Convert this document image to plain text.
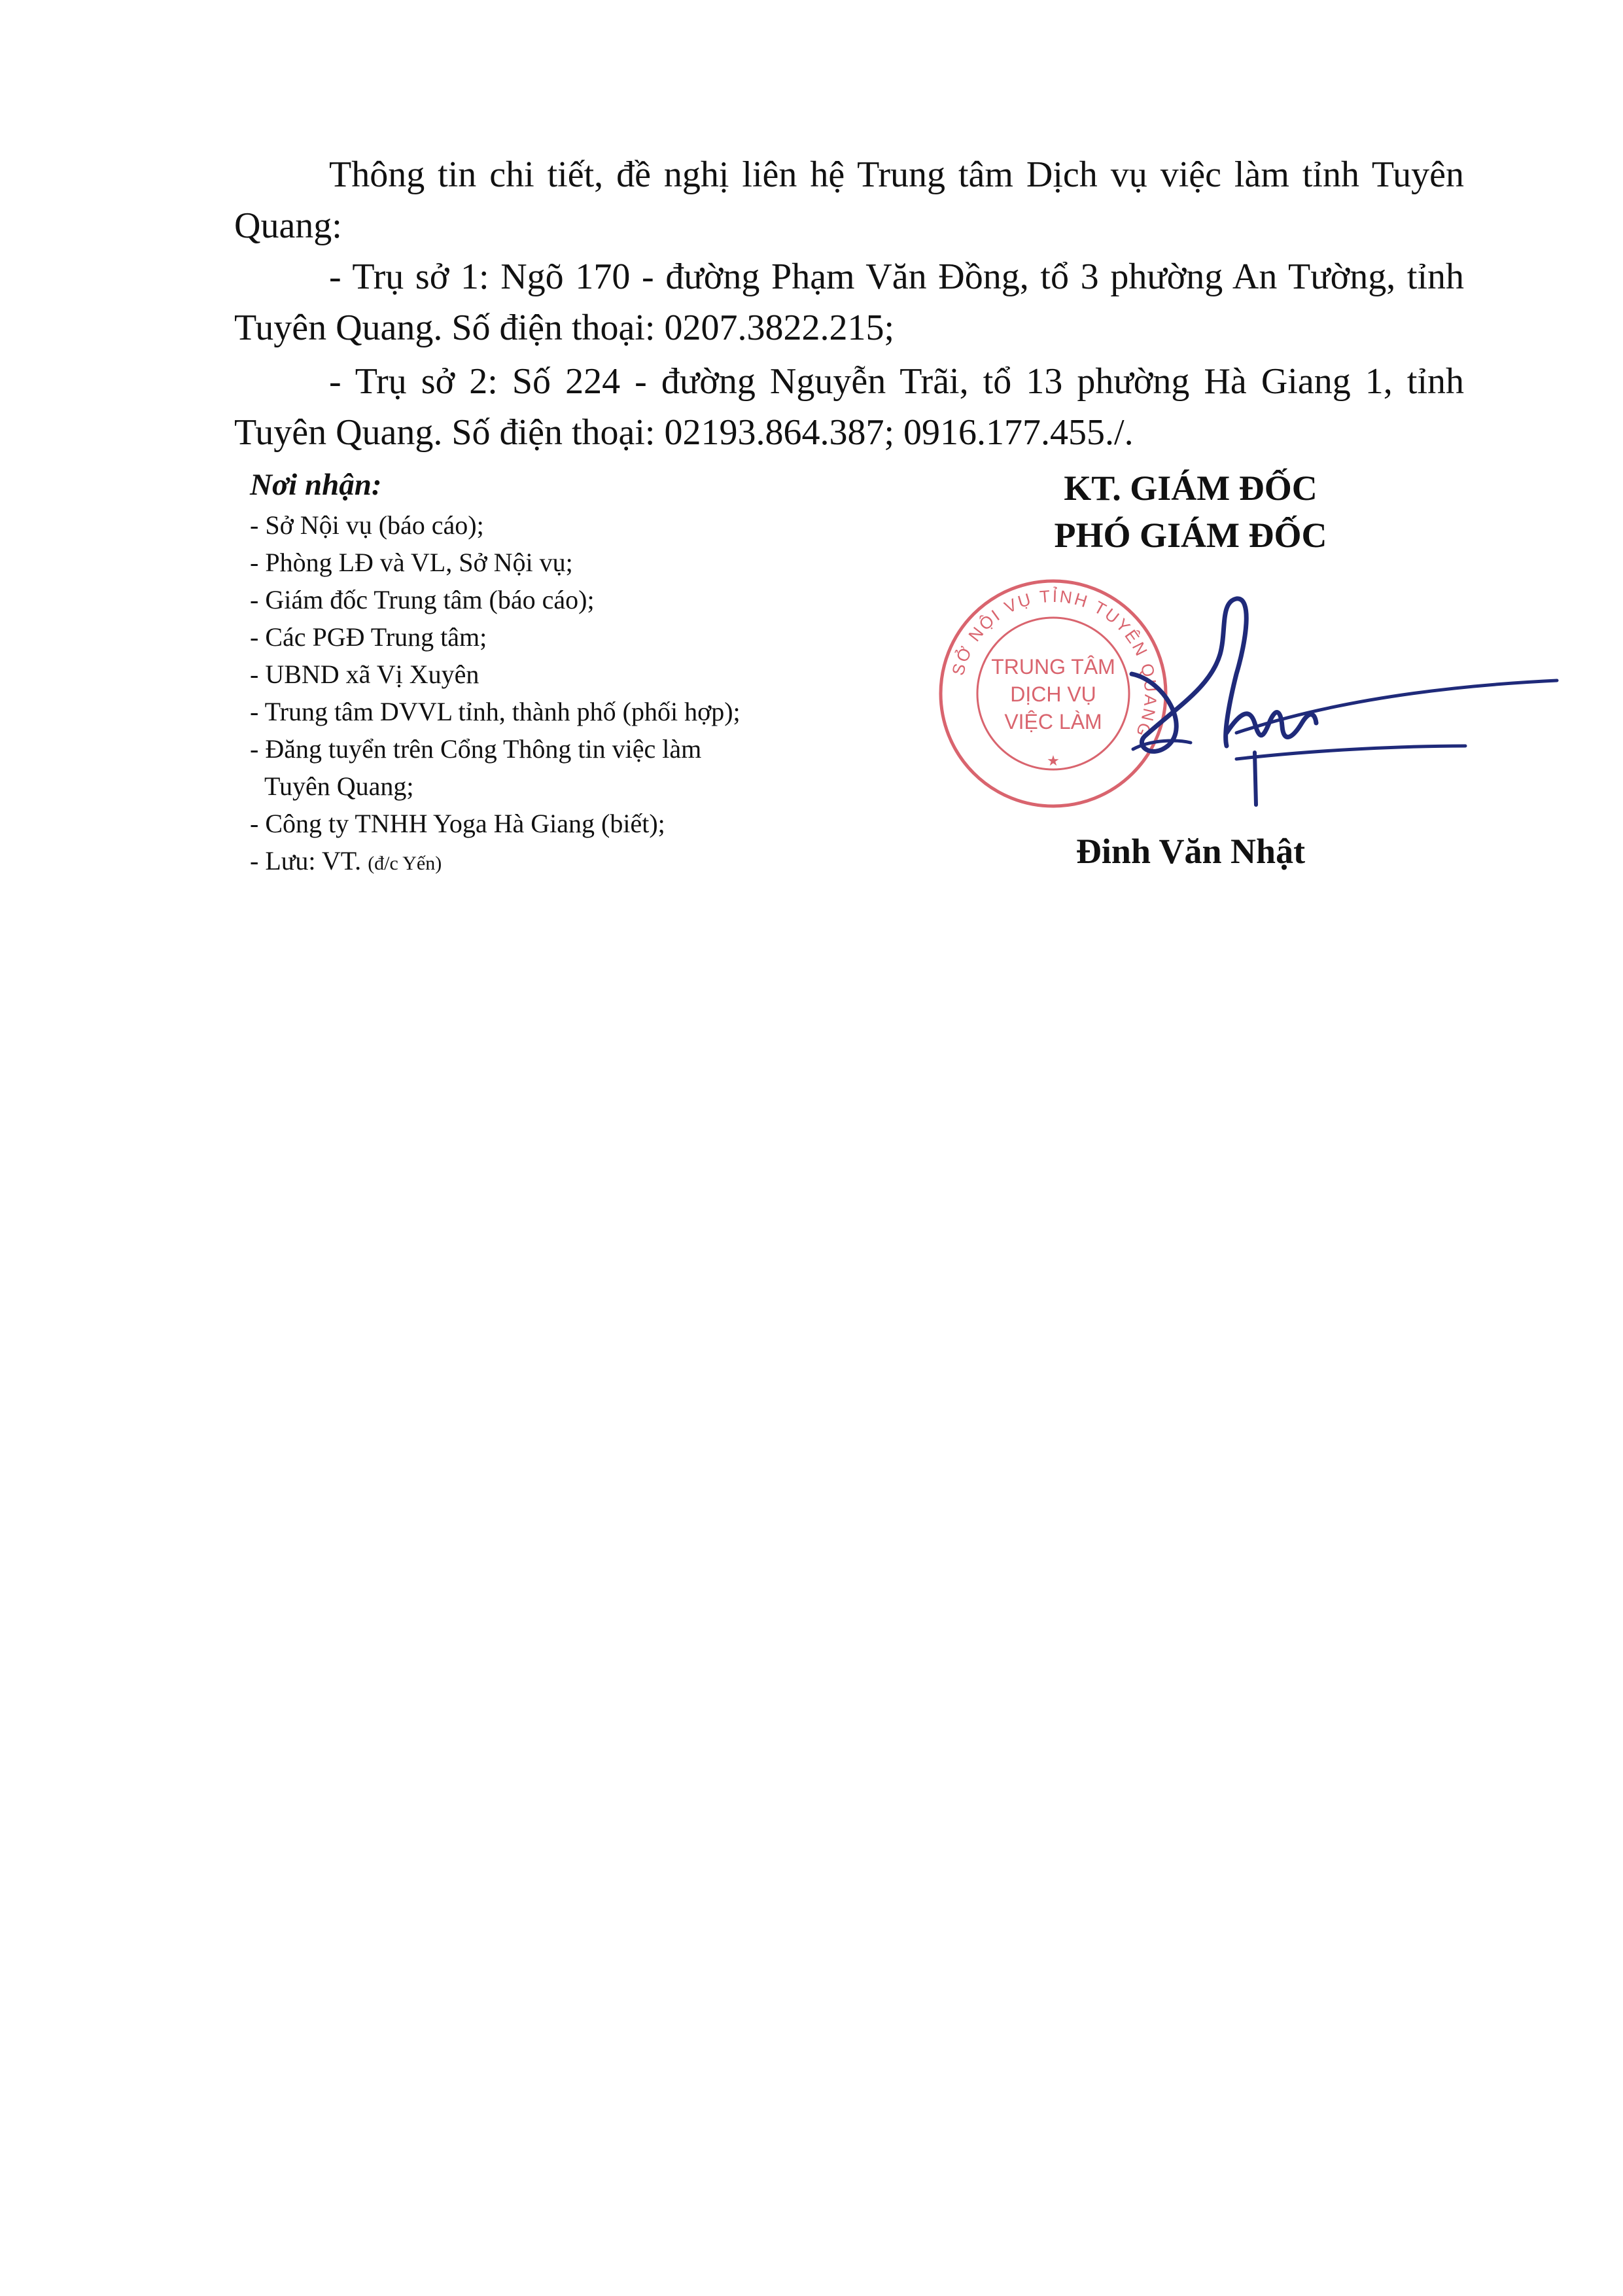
Thông tin chi tiết, đề nghị liên hệ Trung tâm Dịch vụ việc làm tỉnh Tuyên Quang:

- Trụ sở 1: Ngõ 170 - đường Phạm Văn Đồng, tổ 3 phường An Tường, tỉnh Tuyên Quang. Số điện thoại: 0207.3822.215;

- Trụ sở 2: Số 224 - đường Nguyễn Trãi, tổ 13 phường Hà Giang 1, tỉnh Tuyên Quang. Số điện thoại: 02193.864.387; 0916.177.455./.

Nơi nhận:

- Sở Nội vụ (báo cáo);
- Phòng LĐ và VL, Sở Nội vụ;
- Giám đốc Trung tâm (báo cáo);
- Các PGĐ Trung tâm;
- UBND xã Vị Xuyên
- Trung tâm DVVL tỉnh, thành phố (phối hợp);
- Đăng tuyển trên Cổng Thông tin việc làm
Tuyên Quang;
- Công ty TNHH Yoga Hà Giang (biết);
- Lưu: VT. (đ/c Yến)

KT. GIÁM ĐỐC

PHÓ GIÁM ĐỐC

SỞ NỘI VỤ TỈNH TUYÊN QUANG
TRUNG TÂM
DỊCH VỤ
VIỆC LÀM
★

Đinh Văn Nhật
